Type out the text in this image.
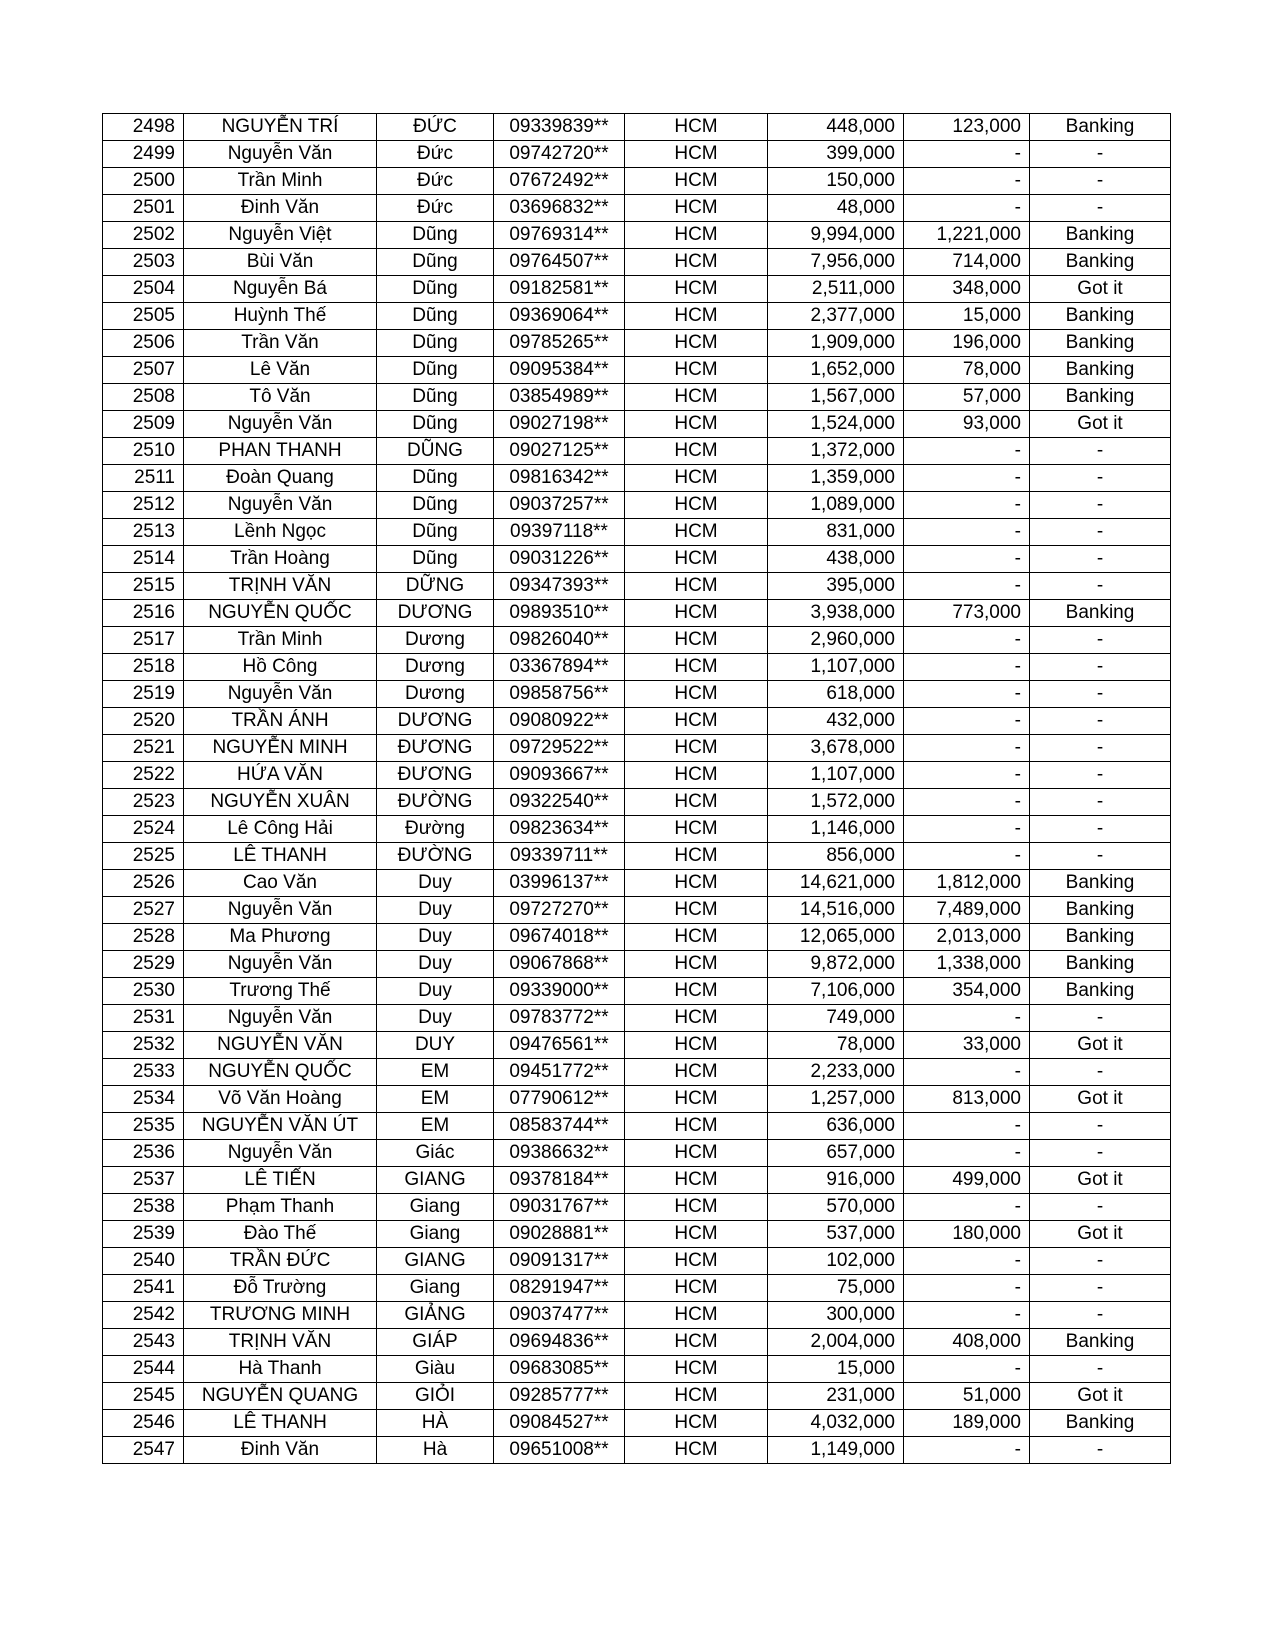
2498	NGUYỄN TRÍ	ĐỨC	09339839**	HCM	448,000	123,000	Banking
2499	Nguyễn Văn	Đức	09742720**	HCM	399,000	-	-
2500	Trần Minh	Đức	07672492**	HCM	150,000	-	-
2501	Đinh Văn	Đức	03696832**	HCM	48,000	-	-
2502	Nguyễn Việt	Dũng	09769314**	HCM	9,994,000	1,221,000	Banking
2503	Bùi Văn	Dũng	09764507**	HCM	7,956,000	714,000	Banking
2504	Nguyễn Bá	Dũng	09182581**	HCM	2,511,000	348,000	Got it
2505	Huỳnh Thế	Dũng	09369064**	HCM	2,377,000	15,000	Banking
2506	Trần Văn	Dũng	09785265**	HCM	1,909,000	196,000	Banking
2507	Lê Văn	Dũng	09095384**	HCM	1,652,000	78,000	Banking
2508	Tô Văn	Dũng	03854989**	HCM	1,567,000	57,000	Banking
2509	Nguyễn Văn	Dũng	09027198**	HCM	1,524,000	93,000	Got it
2510	PHAN THANH	DŨNG	09027125**	HCM	1,372,000	-	-
2511	Đoàn Quang	Dũng	09816342**	HCM	1,359,000	-	-
2512	Nguyễn Văn	Dũng	09037257**	HCM	1,089,000	-	-
2513	Lềnh Ngọc	Dũng	09397118**	HCM	831,000	-	-
2514	Trần Hoàng	Dũng	09031226**	HCM	438,000	-	-
2515	TRỊNH VĂN	DỮNG	09347393**	HCM	395,000	-	-
2516	NGUYỄN QUỐC	DƯƠNG	09893510**	HCM	3,938,000	773,000	Banking
2517	Trần Minh	Dương	09826040**	HCM	2,960,000	-	-
2518	Hồ Công	Dương	03367894**	HCM	1,107,000	-	-
2519	Nguyễn Văn	Dương	09858756**	HCM	618,000	-	-
2520	TRẦN ÁNH	DƯƠNG	09080922**	HCM	432,000	-	-
2521	NGUYỄN MINH	ĐƯƠNG	09729522**	HCM	3,678,000	-	-
2522	HỨA VĂN	ĐƯƠNG	09093667**	HCM	1,107,000	-	-
2523	NGUYỄN XUÂN	ĐƯỜNG	09322540**	HCM	1,572,000	-	-
2524	Lê Công Hải	Đường	09823634**	HCM	1,146,000	-	-
2525	LÊ THANH	ĐƯỜNG	09339711**	HCM	856,000	-	-
2526	Cao Văn	Duy	03996137**	HCM	14,621,000	1,812,000	Banking
2527	Nguyễn Văn	Duy	09727270**	HCM	14,516,000	7,489,000	Banking
2528	Ma Phương	Duy	09674018**	HCM	12,065,000	2,013,000	Banking
2529	Nguyễn Văn	Duy	09067868**	HCM	9,872,000	1,338,000	Banking
2530	Trương Thế	Duy	09339000**	HCM	7,106,000	354,000	Banking
2531	Nguyễn Văn	Duy	09783772**	HCM	749,000	-	-
2532	NGUYỄN VĂN	DUY	09476561**	HCM	78,000	33,000	Got it
2533	NGUYỄN QUỐC	EM	09451772**	HCM	2,233,000	-	-
2534	Võ Văn Hoàng	EM	07790612**	HCM	1,257,000	813,000	Got it
2535	NGUYỄN VĂN ÚT	EM	08583744**	HCM	636,000	-	-
2536	Nguyễn Văn	Giác	09386632**	HCM	657,000	-	-
2537	LÊ TIẾN	GIANG	09378184**	HCM	916,000	499,000	Got it
2538	Phạm Thanh	Giang	09031767**	HCM	570,000	-	-
2539	Đào Thế	Giang	09028881**	HCM	537,000	180,000	Got it
2540	TRẦN ĐỨC	GIANG	09091317**	HCM	102,000	-	-
2541	Đỗ Trường	Giang	08291947**	HCM	75,000	-	-
2542	TRƯƠNG MINH	GIẢNG	09037477**	HCM	300,000	-	-
2543	TRỊNH VĂN	GIÁP	09694836**	HCM	2,004,000	408,000	Banking
2544	Hà Thanh	Giàu	09683085**	HCM	15,000	-	-
2545	NGUYỄN QUANG	GIỎI	09285777**	HCM	231,000	51,000	Got it
2546	LÊ THANH	HÀ	09084527**	HCM	4,032,000	189,000	Banking
2547	Đinh Văn	Hà	09651008**	HCM	1,149,000	-	-
